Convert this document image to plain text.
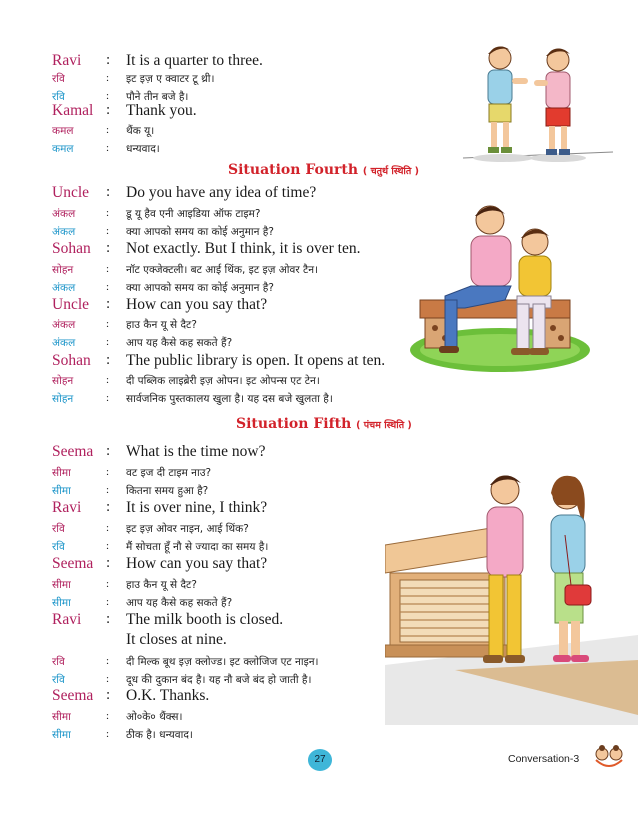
Ravi : It is a quarter to three.
रवि	: इट इज़ ए क्वाटर टू थ्री।
रवि	: पौने तीन बजे है।
Kamal : Thank you.
कमल	: थैंक यू।
कमल	: धन्यवाद।
Situation Fourth ( चतुर्थ स्थिति )
Uncle : Do you have any idea of time?
अंकल	: डू यू हैव एनी आइडिया ऑफ टाइम?
अंकल	: क्या आपको समय का कोई अनुमान है?
Sohan : Not exactly. But I think, it is over ten.
सोहन	: नॉट एक्जेक्टली। बट आई थिंक, इट इज़ ओवर टैन।
अंकल	: क्या आपको समय का कोई अनुमान है?
Uncle : How can you say that?
अंकल	: हाउ कैन यू से दैट?
अंकल	: आप यह कैसे कह सकते हैं?
Sohan : The public library is open. It opens at ten.
सोहन	: दी पब्लिक लाइब्रेरी इज़ ओपन। इट ओपन्स एट टेन।
सोहन	: सार्वजनिक पुस्तकालय खुला है। यह दस बजे खुलता है।
Situation Fifth ( पंचम स्थिति )
Seema : What is the time now?
सीमा	: वट इज दी टाइम नाउ?
सीमा	: कितना समय हुआ है?
Ravi : It is over nine, I think?
रवि	: इट इज़ ओवर नाइन, आई थिंक?
रवि	: मैं सोचता हूँ नौ से ज्यादा का समय है।
Seema : How can you say that?
सीमा	: हाउ कैन यू से दैट?
सीमा	: आप यह कैसे कह सकते हैं?
Ravi : The milk booth is closed.
It closes at nine.
रवि	: दी मिल्क बूथ इज़ क्लोज्ड। इट क्लोजिज एट नाइन।
रवि	: दूध की दुकान बंद है। यह नौ बजे बंद हो जाती है।
Seema : O.K. Thanks.
सीमा	: ओ०के० थैंक्स।
सीमा	: ठीक है। धन्यवाद।
27	Conversation-3
